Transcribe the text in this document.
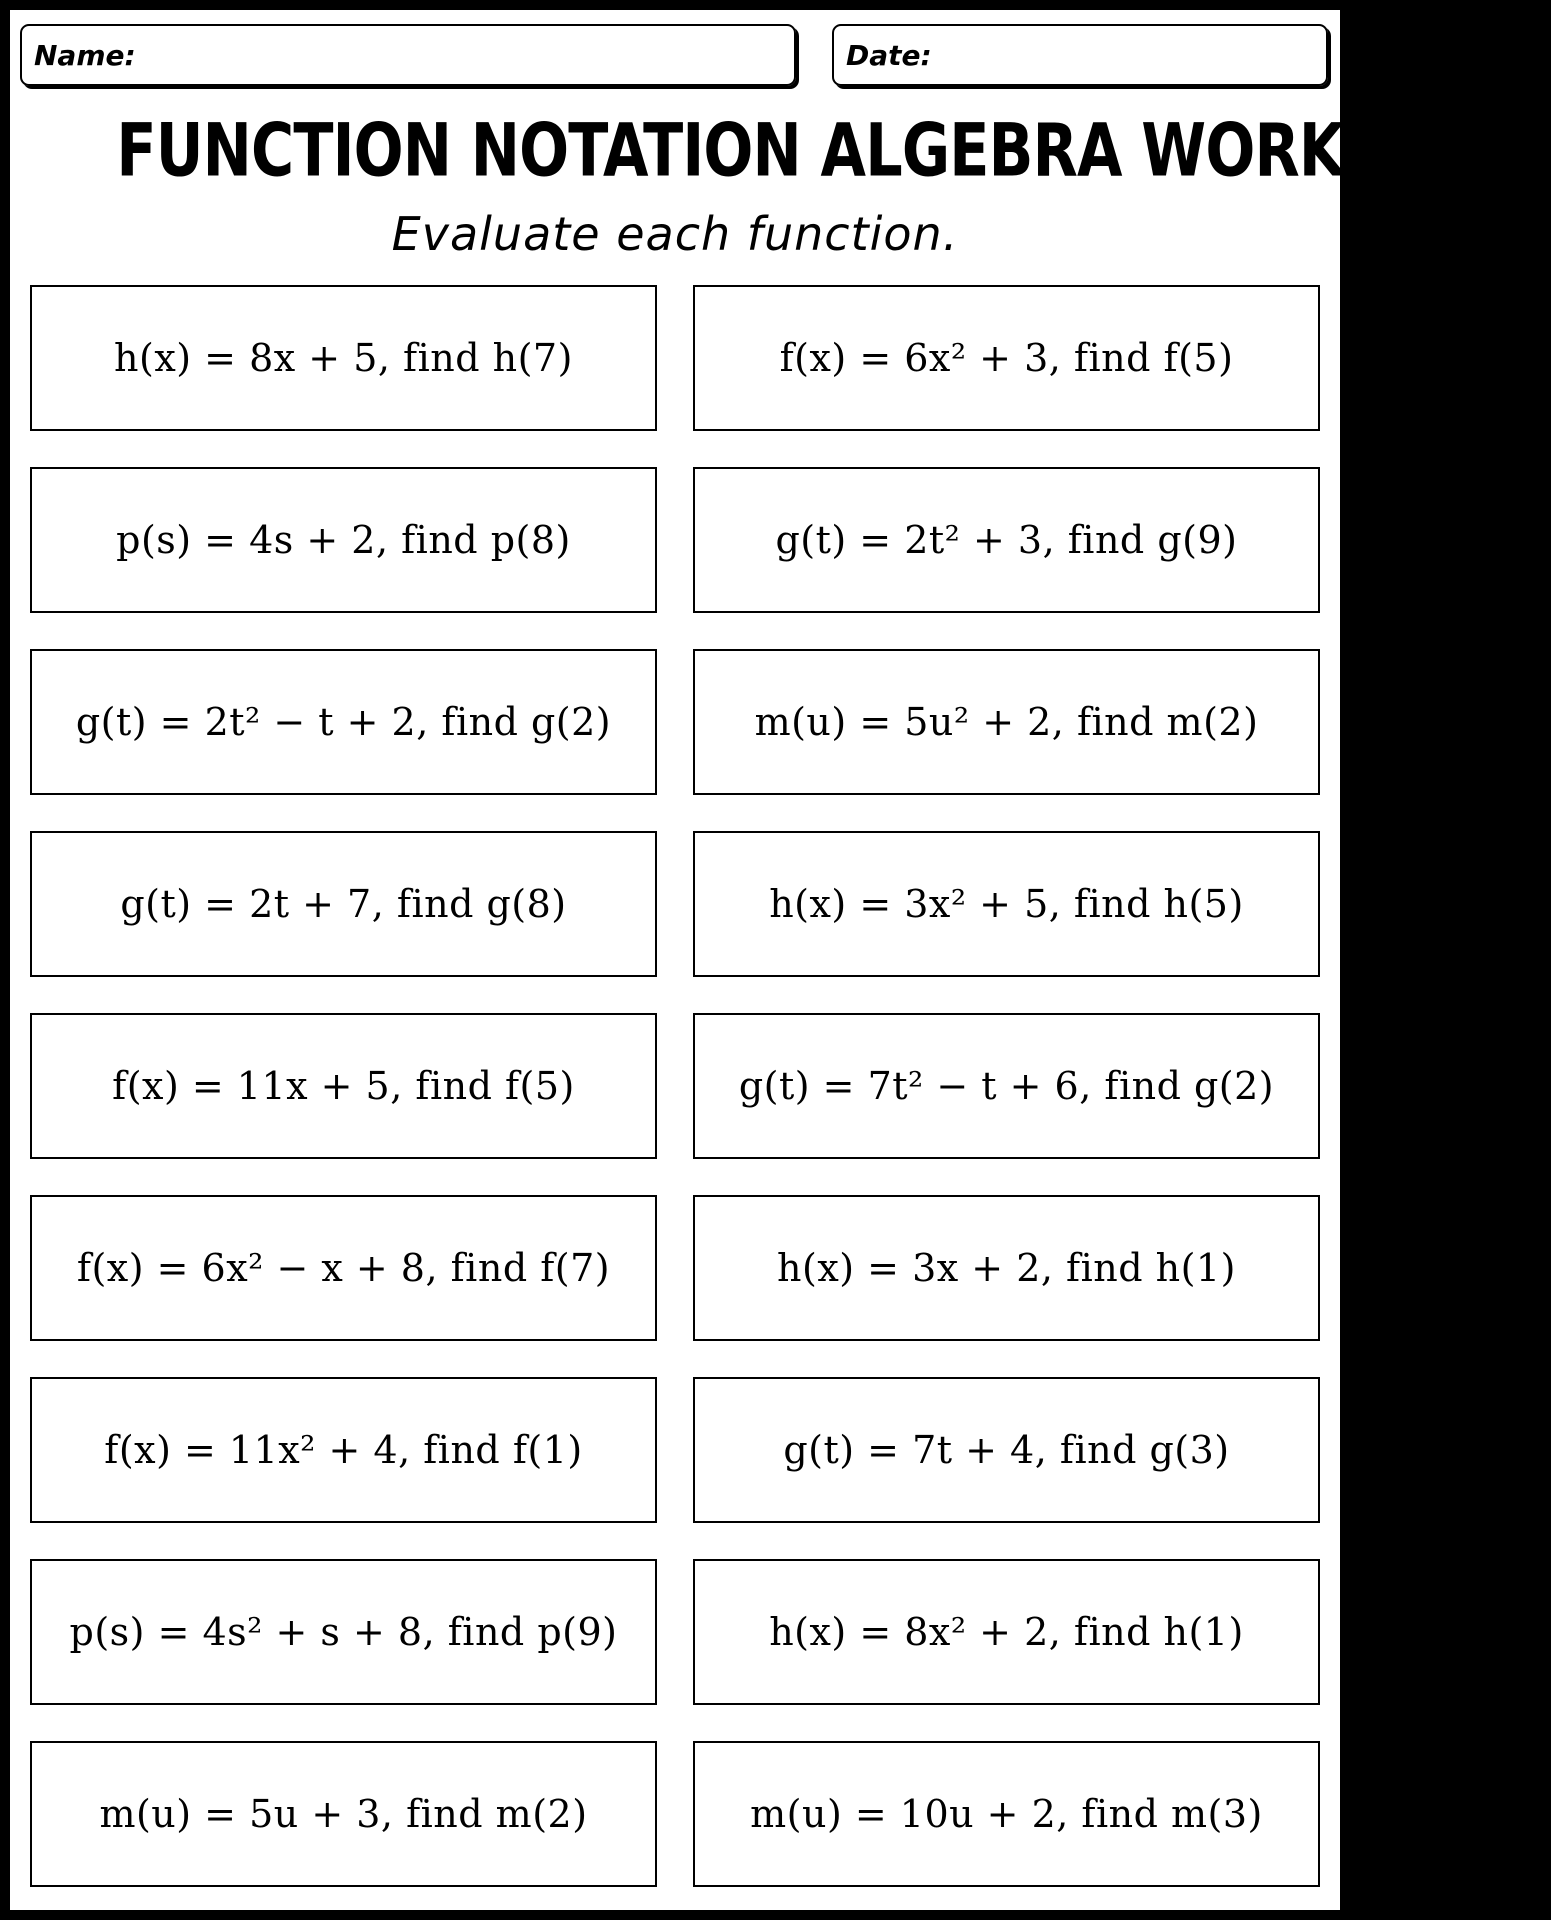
Name:	Date:
FUNCTION NOTATION ALGEBRA WORKSHEET
Evaluate each function.
h(x) = 8x + 5, find h(7)	f(x) = 6x² + 3, find f(5)
p(s) = 4s + 2, find p(8)	g(t) = 2t² + 3, find g(9)
g(t) = 2t² − t + 2, find g(2)	m(u) = 5u² + 2, find m(2)
g(t) = 2t + 7, find g(8)	h(x) = 3x² + 5, find h(5)
f(x) = 11x + 5, find f(5)	g(t) = 7t² − t + 6, find g(2)
f(x) = 6x² − x + 8, find f(7)	h(x) = 3x + 2, find h(1)
f(x) = 11x² + 4, find f(1)	g(t) = 7t + 4, find g(3)
p(s) = 4s² + s + 8, find p(9)	h(x) = 8x² + 2, find h(1)
m(u) = 5u + 3, find m(2)	m(u) = 10u + 2, find m(3)
